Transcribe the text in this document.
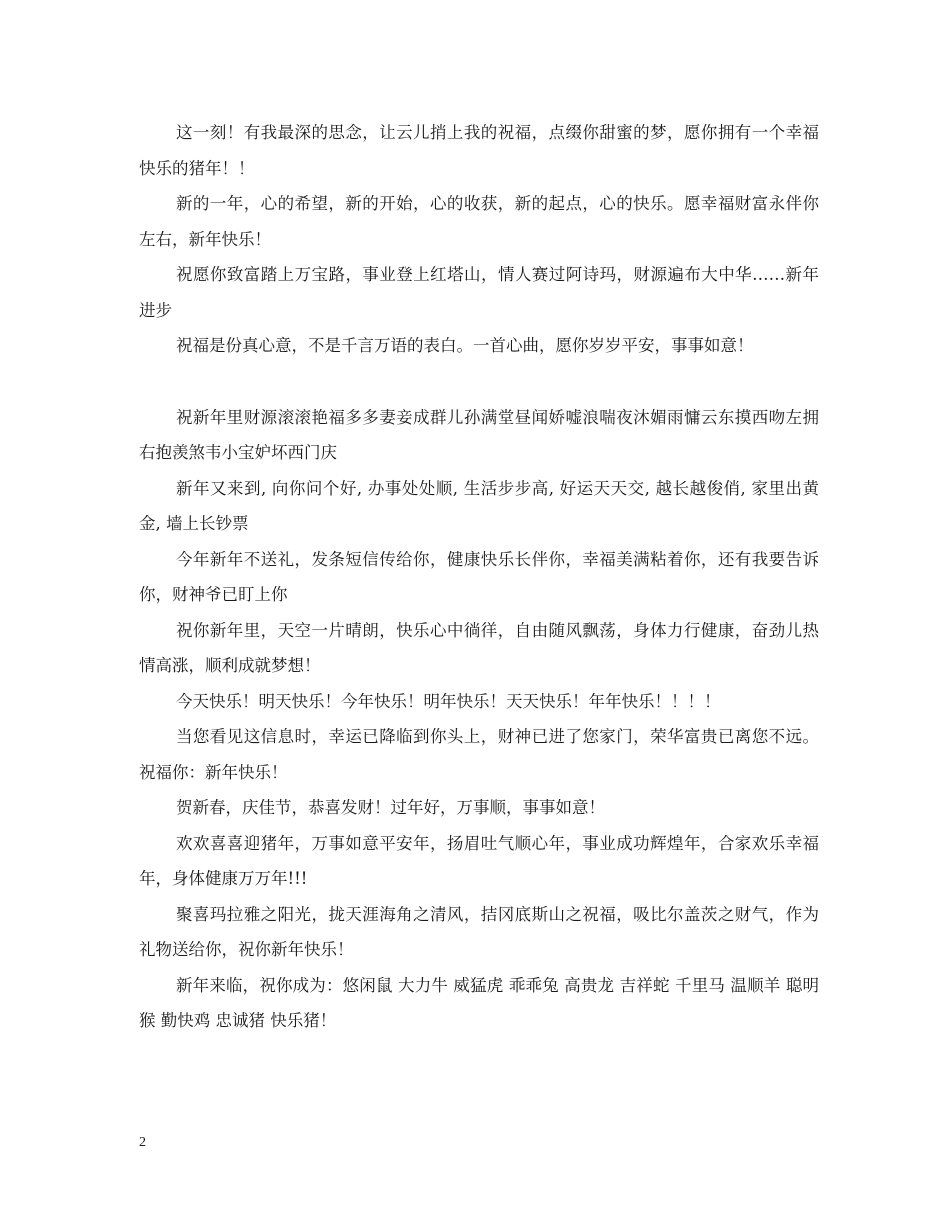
这一刻！有我最深的思念，让云儿捎上我的祝福，点缀你甜蜜的梦，愿你拥有一个幸福快乐的猪年！！

新的一年，心的希望，新的开始，心的收获，新的起点，心的快乐。愿幸福财富永伴你左右，新年快乐！

祝愿你致富踏上万宝路，事业登上红塔山，情人赛过阿诗玛，财源遍布大中华……新年进步

祝福是份真心意，不是千言万语的表白。一首心曲，愿你岁岁平安，事事如意！

祝新年里财源滚滚艳福多多妻妾成群儿孙满堂昼闻娇嘘浪喘夜沐媚雨慵云东摸西吻左拥右抱羡煞韦小宝妒坏西门庆

新年又来到, 向你问个好, 办事处处顺, 生活步步高, 好运天天交, 越长越俊俏, 家里出黄金, 墙上长钞票

今年新年不送礼，发条短信传给你，健康快乐长伴你，幸福美满粘着你，还有我要告诉你，财神爷已盯上你

祝你新年里，天空一片晴朗，快乐心中徜徉，自由随风飘荡，身体力行健康，奋劲儿热情高涨，顺利成就梦想！

今天快乐！明天快乐！今年快乐！明年快乐！天天快乐！年年快乐！！！！

当您看见这信息时，幸运已降临到你头上，财神已进了您家门，荣华富贵已离您不远。祝福你：新年快乐！

贺新春，庆佳节，恭喜发财！过年好，万事顺，事事如意！

欢欢喜喜迎猪年，万事如意平安年，扬眉吐气顺心年，事业成功辉煌年，合家欢乐幸福年，身体健康万万年!!!

聚喜玛拉雅之阳光，拢天涯海角之清风，拮冈底斯山之祝福，吸比尔盖茨之财气，作为礼物送给你，祝你新年快乐！

新年来临，祝你成为：悠闲鼠 大力牛 威猛虎 乖乖兔 高贵龙 吉祥蛇 千里马 温顺羊 聪明猴 勤快鸡 忠诚猪 快乐猪！

2
